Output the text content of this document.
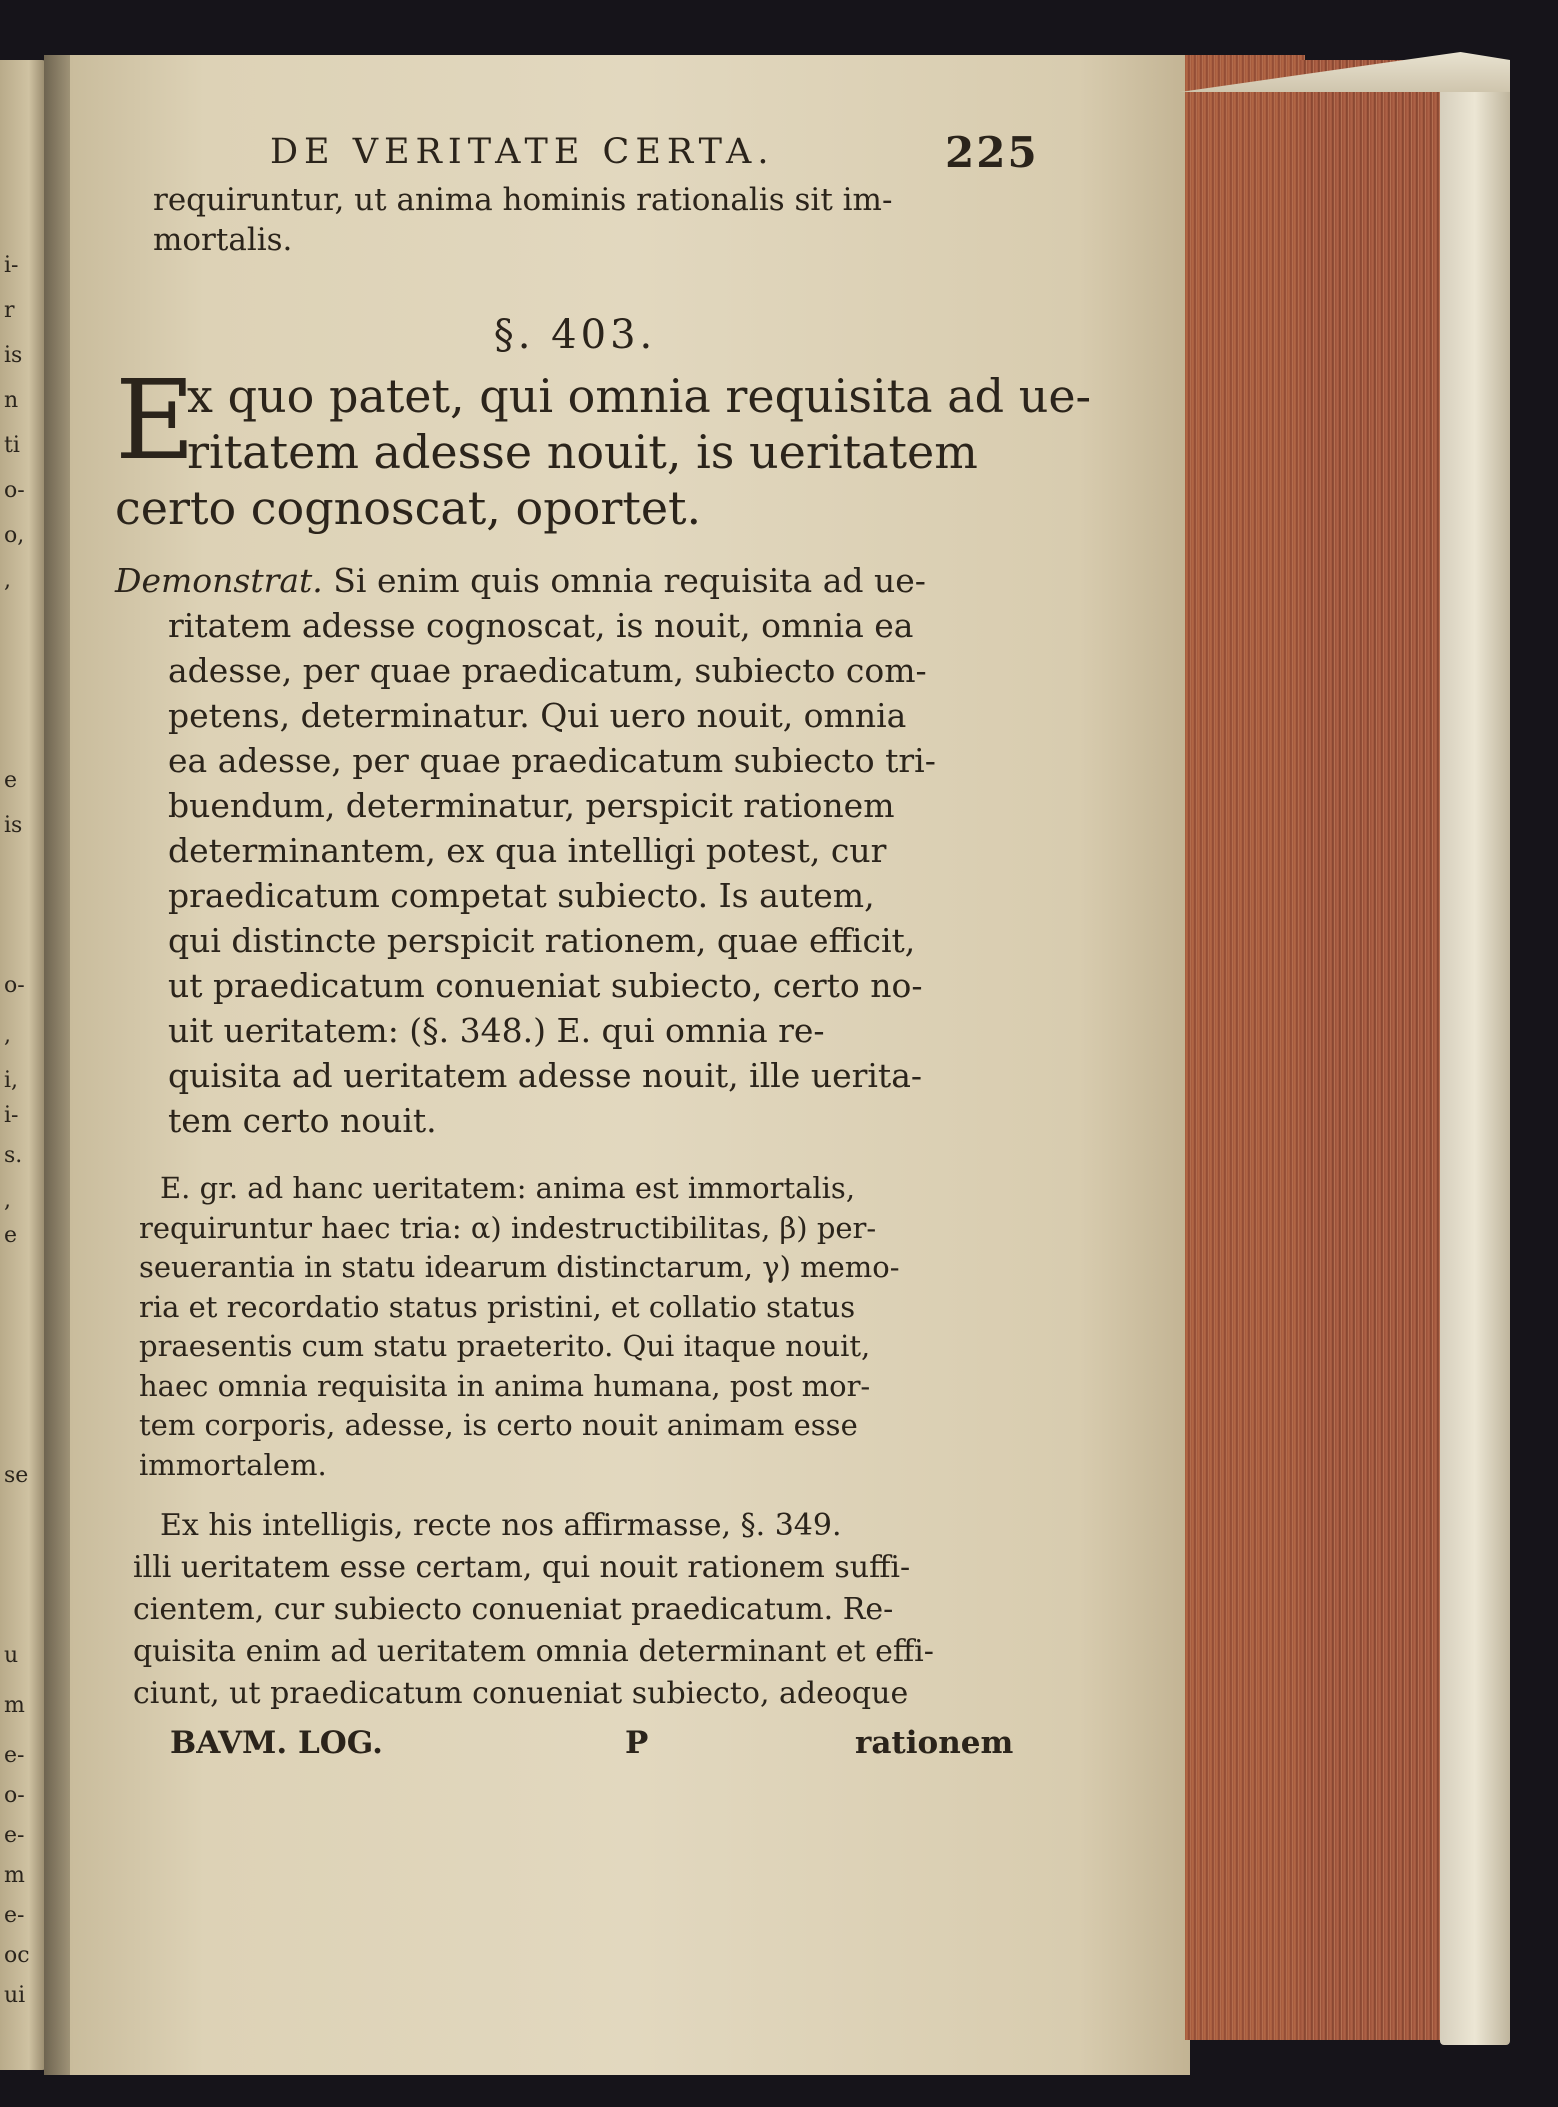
i-
r
is
n
ti
o-
o,
,
e
is
o-
,
i,
i-
s.
,
e
se
u
m
e-
o-
e-
m
e-
oc
ui
DE VERITATE CERTA.	225
requiruntur, ut anima hominis rationalis sit im-
mortalis.
§. 403.
E
x quo patet, qui omnia requisita ad ue-
ritatem adesse nouit, is ueritatem
certo cognoscat, oportet.
Demonstrat. Si enim quis omnia requisita ad ue-
ritatem adesse cognoscat, is nouit, omnia ea
adesse, per quae praedicatum, subiecto com-
petens, determinatur. Qui uero nouit, omnia
ea adesse, per quae praedicatum subiecto tri-
buendum, determinatur, perspicit rationem
determinantem, ex qua intelligi potest, cur
praedicatum competat subiecto. Is autem,
qui distincte perspicit rationem, quae efficit,
ut praedicatum conueniat subiecto, certo no-
uit ueritatem: (§. 348.) E. qui omnia re-
quisita ad ueritatem adesse nouit, ille uerita-
tem certo nouit.
E. gr. ad hanc ueritatem: anima est immortalis,
requiruntur haec tria: α) indestructibilitas, β) per-
seuerantia in statu idearum distinctarum, γ) memo-
ria et recordatio status pristini, et collatio status
praesentis cum statu praeterito. Qui itaque nouit,
haec omnia requisita in anima humana, post mor-
tem corporis, adesse, is certo nouit animam esse
immortalem.
Ex his intelligis, recte nos affirmasse, §. 349.
illi ueritatem esse certam, qui nouit rationem suffi-
cientem, cur subiecto conueniat praedicatum. Re-
quisita enim ad ueritatem omnia determinant et effi-
ciunt, ut praedicatum conueniat subiecto, adeoque
BAVM. LOG.	P	rationem
